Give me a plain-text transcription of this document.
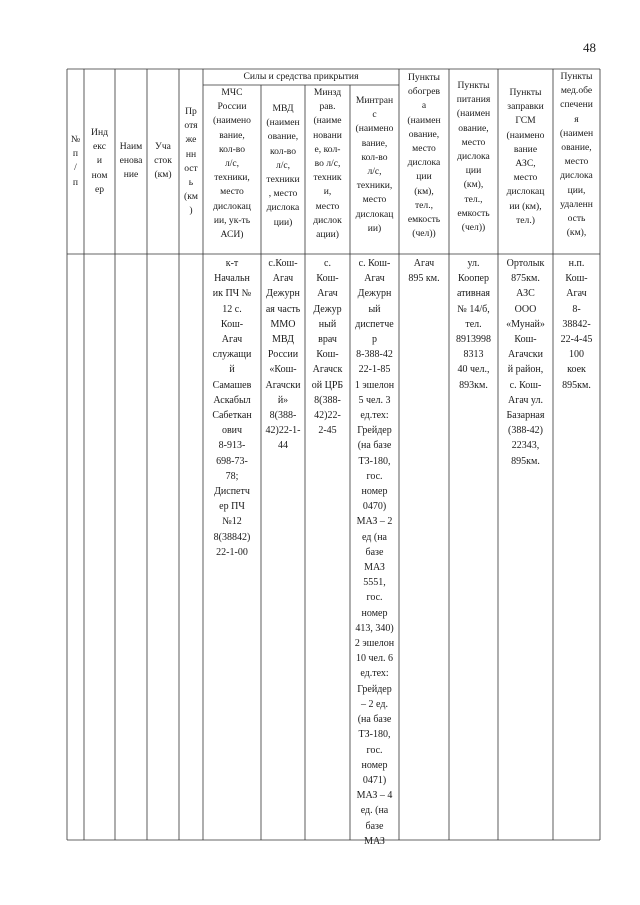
48
Силы и средства прикрытия
№
п
/
п
Инд
екс
и
ном
ер
Наим
енова
ние
Уча
сток
(км)
Пр
отя
же
нн
ост
ь
(км
)
МЧС
России
(наимено
вание,
кол-во
л/с,
техники,
место
дислокац
ии, ук-ть
АСИ)
МВД
(наимен
ование,
кол-во
л/с,
техники
, место
дислока
ции)
Минзд
рав.
(наиме
новани
е, кол-
во л/с,
техник
и,
место
дислок
ации)
Минтран
с
(наимено
вание,
кол-во
л/с,
техники,
место
дислокац
ии)
Пункты
обогрев
а
(наимен
ование,
место
дислока
ции
(км),
тел.,
емкость
(чел))
Пункты
питания
(наимен
ование,
место
дислока
ции
(км),
тел.,
емкость
(чел))
Пункты
заправки
ГСМ
(наимено
вание
АЗС,
место
дислокац
ии (км),
тел.)
Пункты
мед.обе
спечени
я
(наимен
ование,
место
дислока
ции,
удаленн
ость
(км),
к-т
Начальн
ик ПЧ №
12 с.
Кош-
Агач
служащи
й
Самашев
Аскабыл
Сабеткан
ович
8-913-
698-73-
78;
Диспетч
ер ПЧ
№12
8(38842)
22-1-00
с.Кош-
Агач
Дежурн
ая часть
ММО
МВД
России
«Кош-
Агачски
й»
8(388-
42)22-1-
44
с.
Кош-
Агач
Дежур
ный
врач
Кош-
Агачск
ой ЦРБ
8(388-
42)22-
2-45
с. Кош-
Агач
Дежурн
ый
диспетче
р
8-388-42
22-1-85
1 эшелон
5 чел. 3
ед.тех:
Грейдер
(на базе
ТЗ-180,
гос.
номер
0470)
МАЗ – 2
ед (на
базе
МАЗ
5551,
гос.
номер
413, 340)
2 эшелон
10 чел. 6
ед.тех:
Грейдер
– 2 ед.
(на базе
ТЗ-180,
гос.
номер
0471)
МАЗ – 4
ед. (на
базе
МАЗ
Агач
895 км.
ул.
Коопер
ативная
№ 14/б,
тел.
8913998
8313
40 чел.,
893км.
Ортолык
875км.
АЗС
ООО
«Мунай»
Кош-
Агачски
й район,
с. Кош-
Агач ул.
Базарная
(388-42)
22343,
895км.
н.п.
Кош-
Агач
8-
38842-
22-4-45
100
коек
895км.
